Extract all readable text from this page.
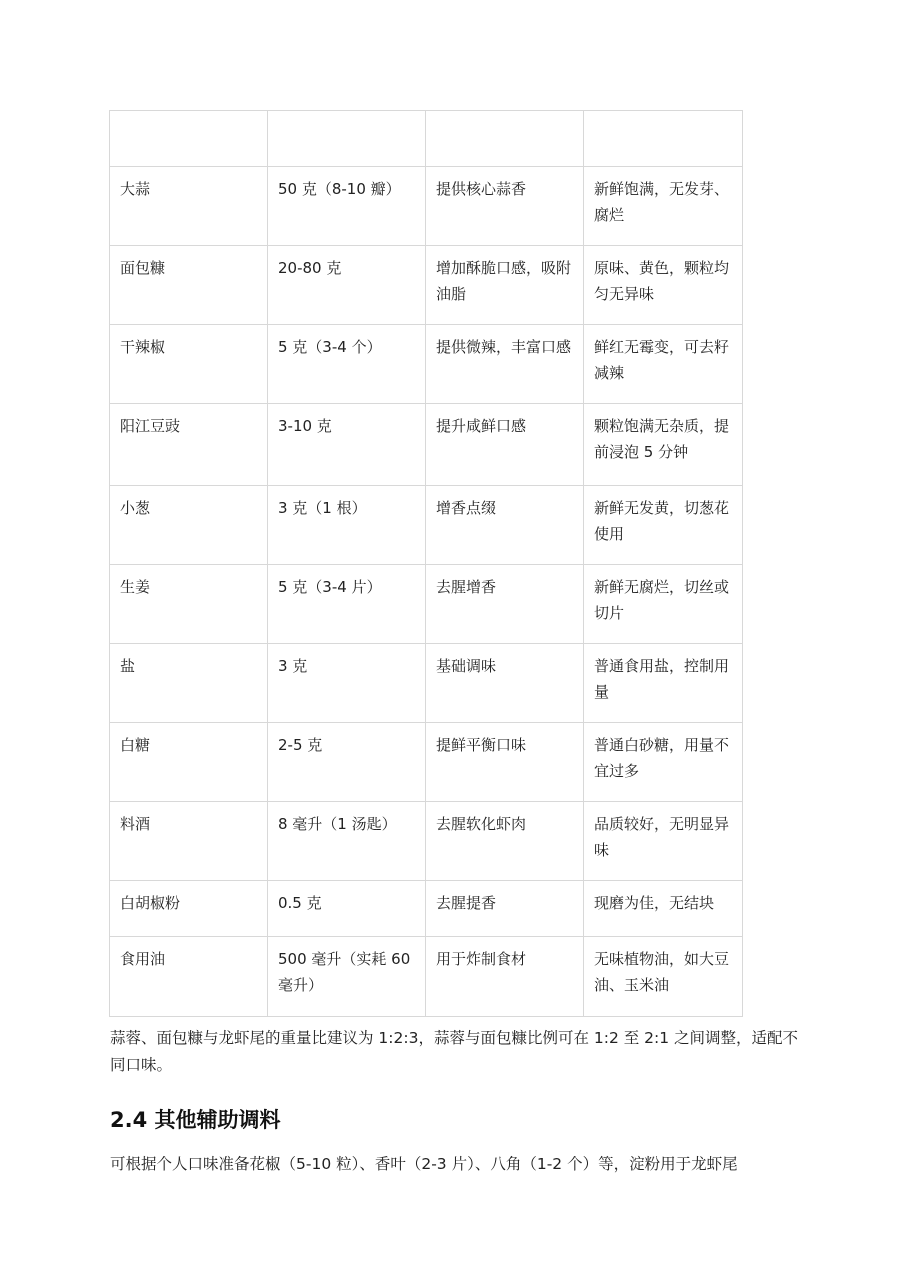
大蒜	50 克（8-10 瓣）	提供核心蒜香	新鲜饱满，无发芽、腐烂
面包糠	20-80 克	增加酥脆口感，吸附油脂	原味、黄色，颗粒均匀无异味
干辣椒	5 克（3-4 个）	提供微辣，丰富口感	鲜红无霉变，可去籽减辣
阳江豆豉	3-10 克	提升咸鲜口感	颗粒饱满无杂质，提前浸泡 5 分钟
小葱	3 克（1 根）	增香点缀	新鲜无发黄，切葱花使用
生姜	5 克（3-4 片）	去腥增香	新鲜无腐烂，切丝或切片
盐	3 克	基础调味	普通食用盐，控制用量
白糖	2-5 克	提鲜平衡口味	普通白砂糖，用量不宜过多
料酒	8 毫升（1 汤匙）	去腥软化虾肉	品质较好，无明显异味
白胡椒粉	0.5 克	去腥提香	现磨为佳，无结块
食用油	500 毫升（实耗 60 毫升）	用于炸制食材	无味植物油，如大豆油、玉米油

蒜蓉、面包糠与龙虾尾的重量比建议为 1:2:3，蒜蓉与面包糠比例可在 1:2 至 2:1 之间调整，适配不同口味。

2.4 其他辅助调料

可根据个人口味准备花椒（5-10 粒）、香叶（2-3 片）、八角（1-2 个）等，淀粉用于龙虾尾
